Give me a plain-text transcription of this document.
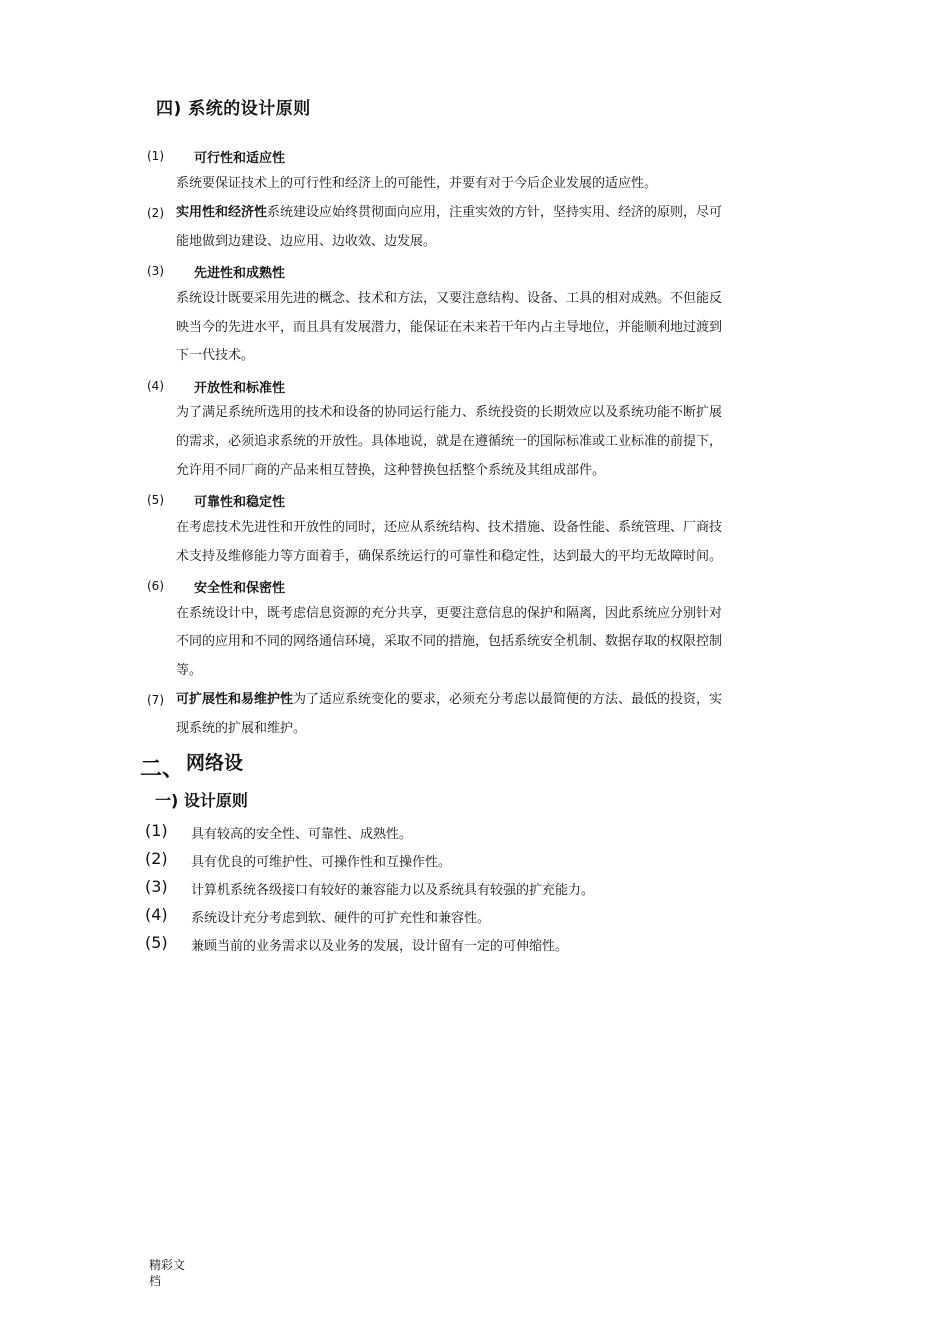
四) 系统的设计原则
(1) 可行性和适应性
系统要保证技术上的可行性和经济上的可能性，并要有对于今后企业发展的适应性。
(2) 实用性和经济性系统建设应始终贯彻面向应用，注重实效的方针，坚持实用、经济的原则，尽可
能地做到边建设、边应用、边收效、边发展。
(3) 先进性和成熟性
系统设计既要采用先进的概念、技术和方法，又要注意结构、设备、工具的相对成熟。不但能反
映当今的先进水平，而且具有发展潜力，能保证在未来若干年内占主导地位，并能顺利地过渡到
下一代技术。
(4) 开放性和标准性
为了满足系统所选用的技术和设备的协同运行能力、系统投资的长期效应以及系统功能不断扩展
的需求，必须追求系统的开放性。具体地说，就是在遵循统一的国际标准或工业标准的前提下，
允许用不同厂商的产品来相互替换，这种替换包括整个系统及其组成部件。
(5) 可靠性和稳定性
在考虑技术先进性和开放性的同时，还应从系统结构、技术措施、设备性能、系统管理、厂商技
术支持及维修能力等方面着手，确保系统运行的可靠性和稳定性，达到最大的平均无故障时间。
(6) 安全性和保密性
在系统设计中，既考虑信息资源的充分共享，更要注意信息的保护和隔离，因此系统应分别针对
不同的应用和不同的网络通信环境，采取不同的措施，包括系统安全机制、数据存取的权限控制
等。
(7) 可扩展性和易维护性为了适应系统变化的要求，必须充分考虑以最简便的方法、最低的投资，实
现系统的扩展和维护。
二、 网络设
一) 设计原则
(1) 具有较高的安全性、可靠性、成熟性。
(2) 具有优良的可维护性、可操作性和互操作性。
(3) 计算机系统各级接口有较好的兼容能力以及系统具有较强的扩充能力。
(4) 系统设计充分考虑到软、硬件的可扩充性和兼容性。
(5) 兼顾当前的业务需求以及业务的发展，设计留有一定的可伸缩性。
精彩文
档
